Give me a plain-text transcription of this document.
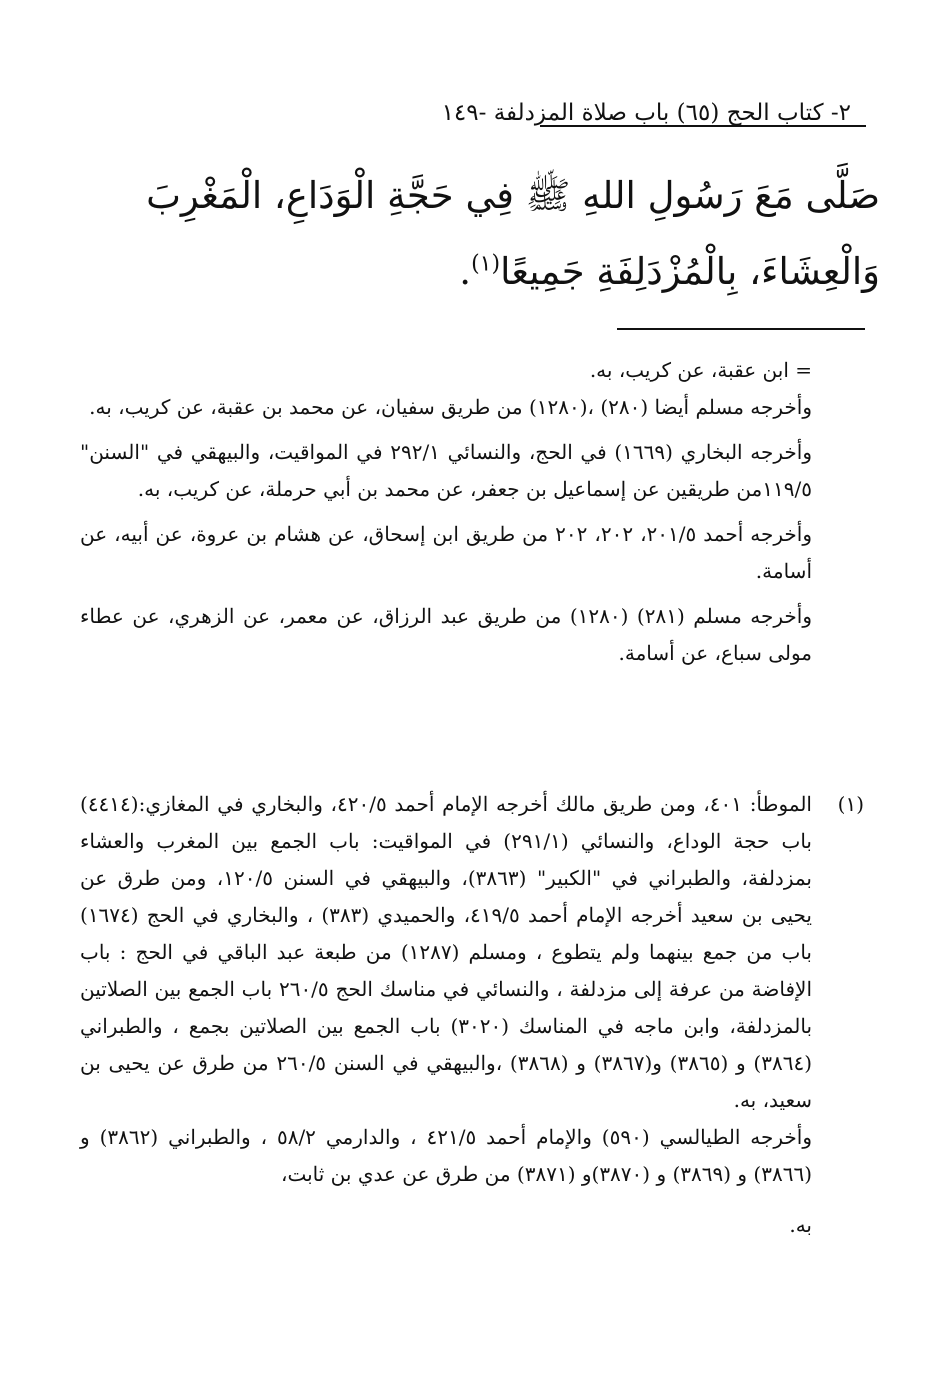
٢- كتاب الحج (٦٥) باب صلاة المزدلفة -١٤٩
صَلَّى مَعَ رَسُولِ اللهِ ﷺ فِي حَجَّةِ الْوَدَاعِ، الْمَغْرِبَ وَالْعِشَاءَ، بِالْمُزْدَلِفَةِ جَمِيعًا$^{(١)}$.

= ابن عقبة، عن كريب، به.

وأخرجه مسلم أيضا (٢٨٠) ،(١٢٨٠) من طريق سفيان، عن محمد بن عقبة، عن كريب، به.

وأخرجه البخاري (١٦٦٩) في الحج، والنسائي ٢٩٢/١ في المواقيت، والبيهقي في "السنن" ١١٩/٥من طريقين عن إسماعيل بن جعفر، عن محمد بن أبي حرملة، عن كريب، به.

وأخرجه أحمد ٢٠١/٥، ٢٠٢، ٢٠٢ من طريق ابن إسحاق، عن هشام بن عروة، عن أبيه، عن أسامة.

وأخرجه مسلم (٢٨١) (١٢٨٠) من طريق عبد الرزاق، عن معمر، عن الزهري، عن عطاء مولى سباع، عن أسامة.

(١)

الموطأ: ٤٠١، ومن طريق مالك أخرجه الإمام أحمد ٤٢٠/٥، والبخاري في المغازي:(٤٤١٤) باب حجة الوداع، والنسائي (٢٩١/١) في المواقيت: باب الجمع بين المغرب والعشاء بمزدلفة، والطبراني في "الكبير" (٣٨٦٣)، والبيهقي في السنن ١٢٠/٥، ومن طرق عن يحيى بن سعيد أخرجه الإمام أحمد ٤١٩/٥، والحميدي (٣٨٣) ، والبخاري في الحج (١٦٧٤) باب من جمع بينهما ولم يتطوع ، ومسلم (١٢٨٧) من طبعة عبد الباقي في الحج : باب الإفاضة من عرفة إلى مزدلفة ، والنسائي في مناسك الحج ٢٦٠/٥ باب الجمع بين الصلاتين بالمزدلفة، وابن ماجه في المناسك (٣٠٢٠) باب الجمع بين الصلاتين بجمع ، والطبراني (٣٨٦٤) و (٣٨٦٥) و(٣٨٦٧) و (٣٨٦٨) ،والبيهقي في السنن ٢٦٠/٥ من طرق عن يحيى بن سعيد، به.

وأخرجه الطيالسي (٥٩٠) والإمام أحمد ٤٢١/٥ ، والدارمي ٥٨/٢ ، والطبراني (٣٨٦٢) و (٣٨٦٦) و (٣٨٦٩) و (٣٨٧٠)و (٣٨٧١) من طرق عن عدي بن ثابت،

به.
